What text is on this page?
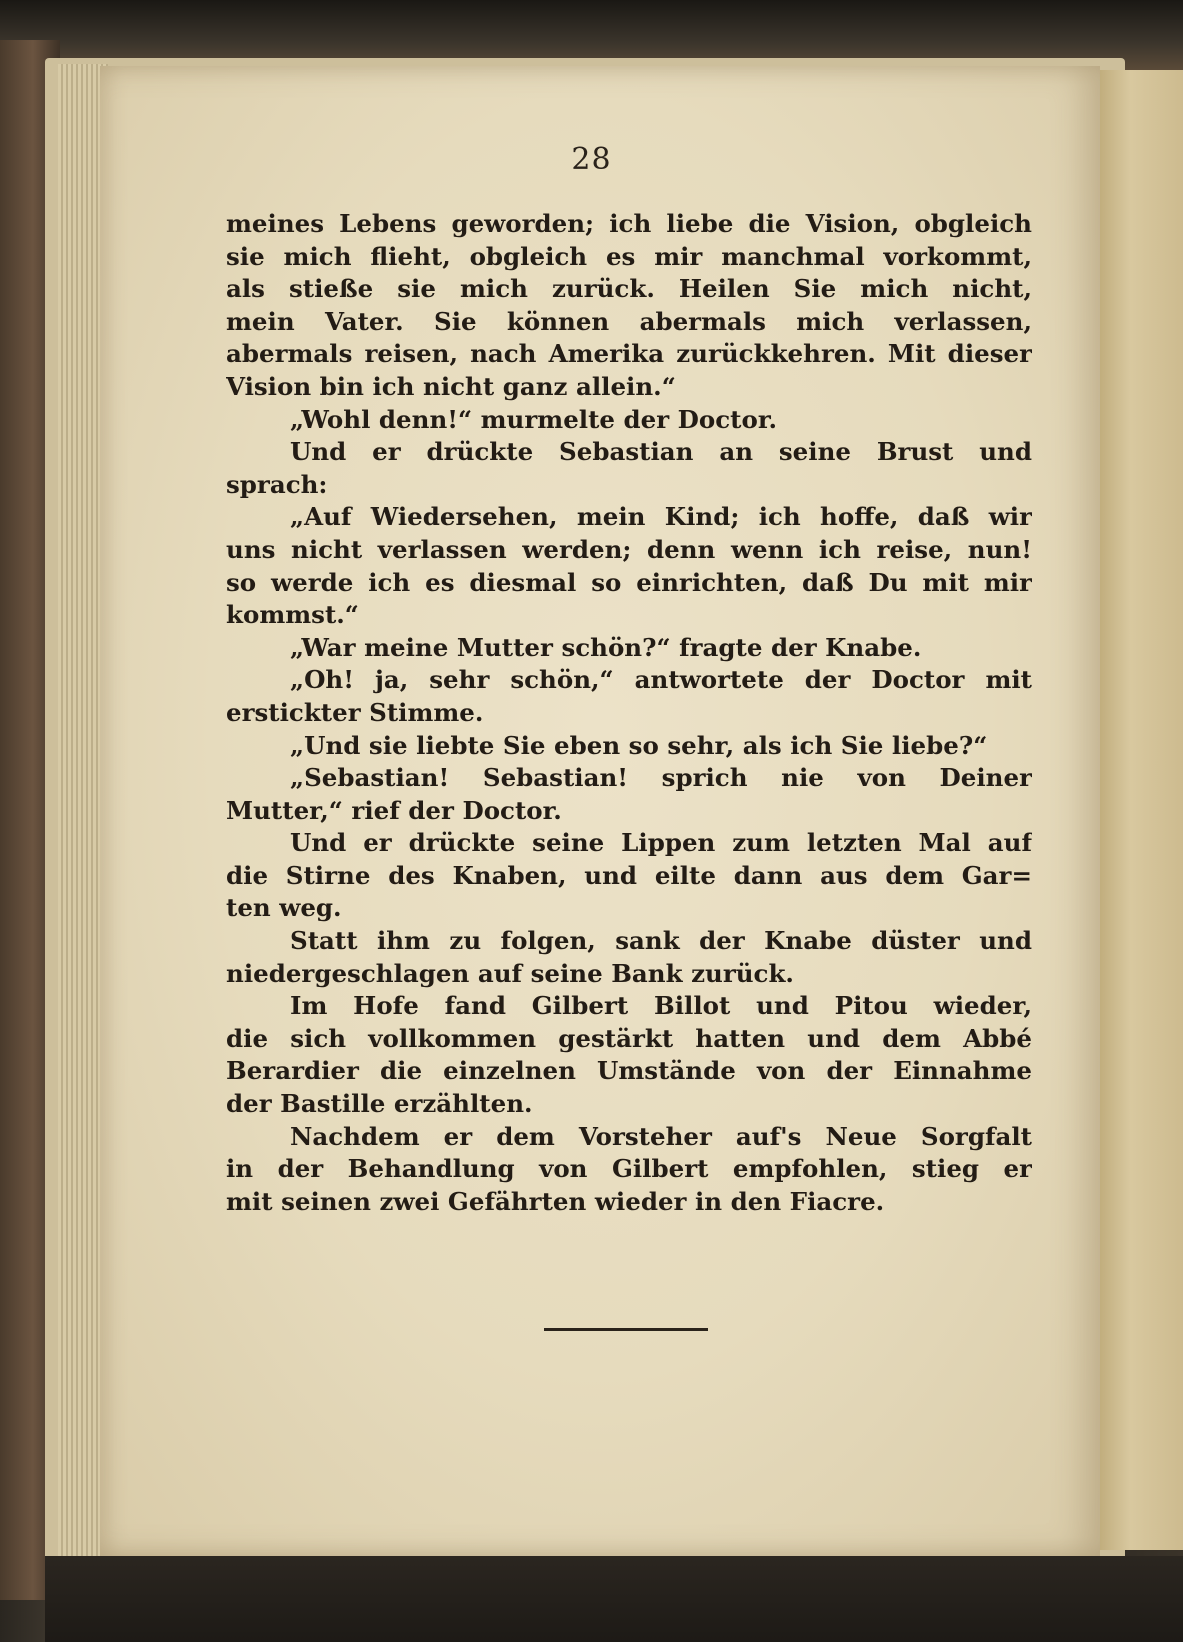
28
meines Lebens geworden; ich liebe die Vision, obgleich
sie mich flieht, obgleich es mir manchmal vorkommt,
als stieße sie mich zurück. Heilen Sie mich nicht,
mein Vater. Sie können abermals mich verlassen,
abermals reisen, nach Amerika zurückkehren. Mit dieser
Vision bin ich nicht ganz allein.“
„Wohl denn!“ murmelte der Doctor.
Und er drückte Sebastian an seine Brust und
sprach:
„Auf Wiedersehen, mein Kind; ich hoffe, daß wir
uns nicht verlassen werden; denn wenn ich reise, nun!
so werde ich es diesmal so einrichten, daß Du mit mir
kommst.“
„War meine Mutter schön?“ fragte der Knabe.
„Oh! ja, sehr schön,“ antwortete der Doctor mit
erstickter Stimme.
„Und sie liebte Sie eben so sehr, als ich Sie liebe?“
„Sebastian! Sebastian! sprich nie von Deiner
Mutter,“ rief der Doctor.
Und er drückte seine Lippen zum letzten Mal auf
die Stirne des Knaben, und eilte dann aus dem Gar=
ten weg.
Statt ihm zu folgen, sank der Knabe düster und
niedergeschlagen auf seine Bank zurück.
Im Hofe fand Gilbert Billot und Pitou wieder,
die sich vollkommen gestärkt hatten und dem Abbé
Berardier die einzelnen Umstände von der Einnahme
der Bastille erzählten.
Nachdem er dem Vorsteher auf's Neue Sorgfalt
in der Behandlung von Gilbert empfohlen, stieg er
mit seinen zwei Gefährten wieder in den Fiacre.
